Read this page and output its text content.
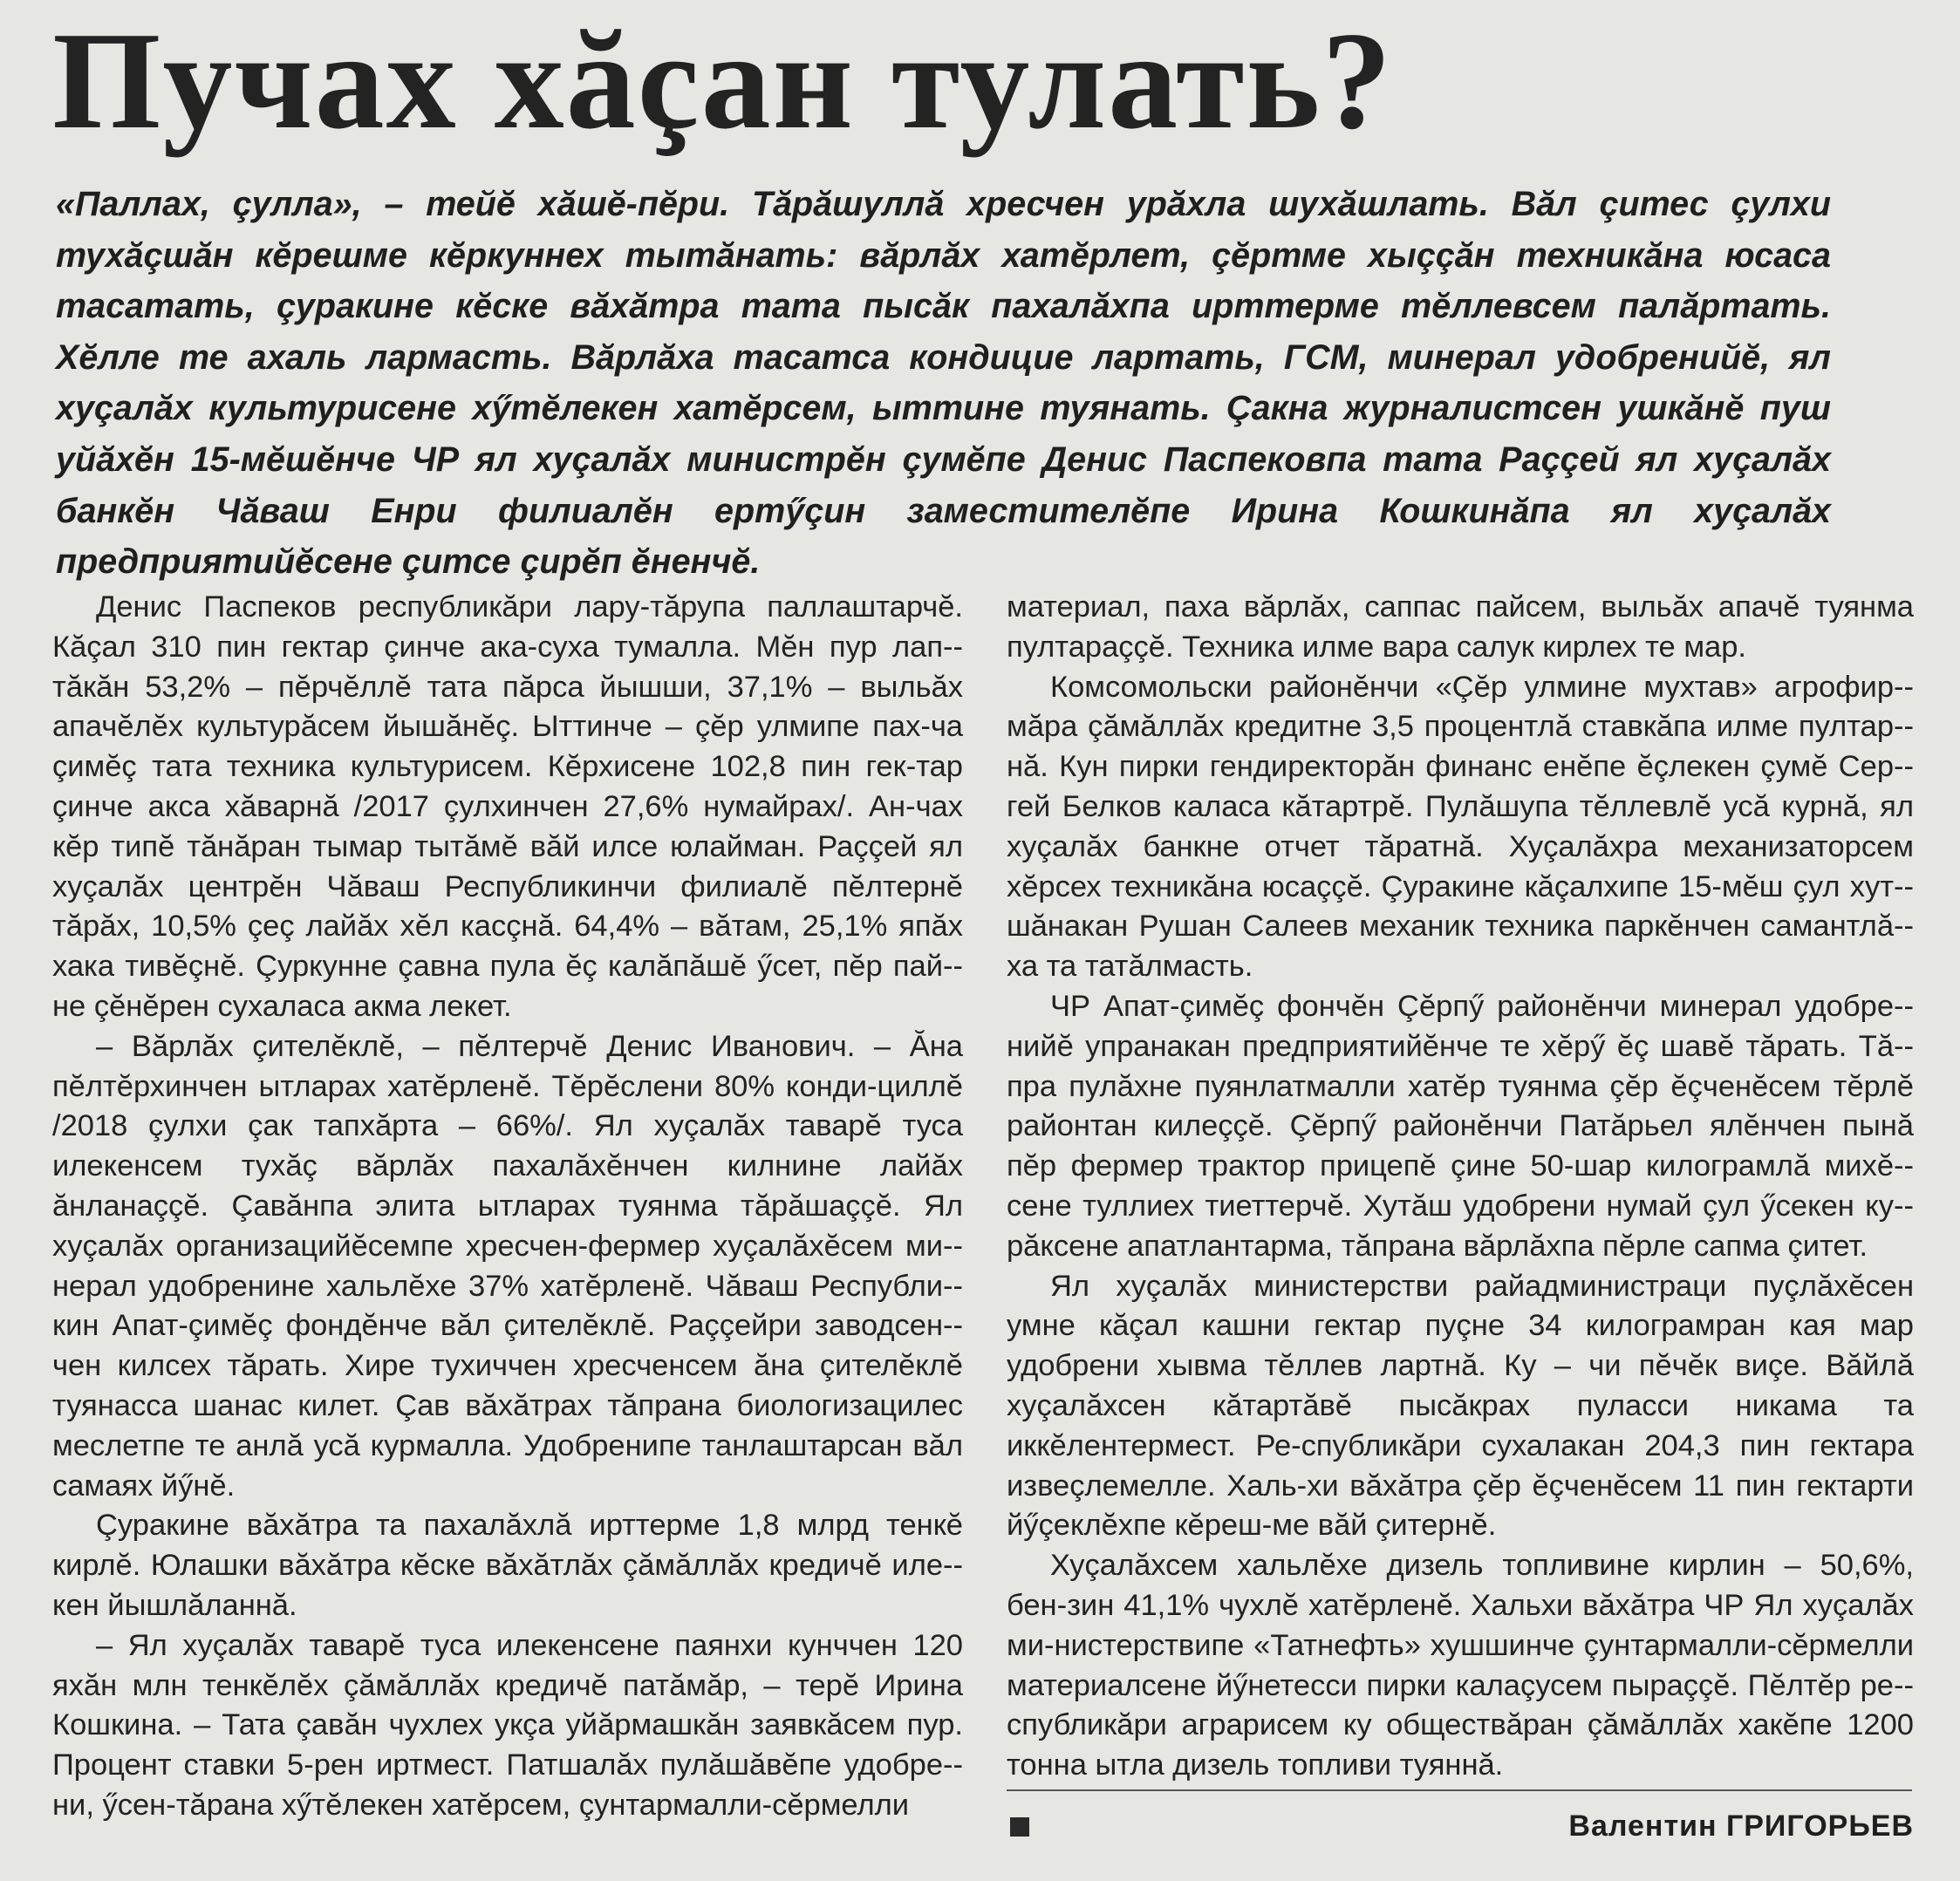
Пучах хăçан тулать?

«Паллах, çулла», – тейĕ хăшĕ-пĕри. Тăрăшуллă хресчен урăхла шухăшлать. Вăл çитес çулхи тухăçшăн кĕрешме кĕркуннех тытăнать: вăрлăх хатĕрлет, çĕртме хыççăн техникăна юсаса тасатать, çуракине кĕске вăхăтра тата пысăк пахалăхпа ирттерме тĕллевсем палăртать. Хĕлле те ахаль лармасть. Вăрлăха тасатса кондицие лартать, ГСМ, минерал удобренийĕ, ял хуçалăх культурисене хӳтĕлекен хатĕрсем, ыттине туянать. Çакна журналистсен ушкăнĕ пуш уйăхĕн 15-мĕшĕнче ЧР ял хуçалăх министрĕн çумĕпе Денис Паспековпа тата Раççей ял хуçалăх банкĕн Чăваш Енри филиалĕн ертӳçин заместителĕпе Ирина Кошкинăпа ял хуçалăх предприятийĕсене çитсе çирĕп ĕненчĕ.

Денис Паспеков республикăри лару-тăрупа паллаштарчĕ. Кăçал 310 пин гектар çинче ака-суха тумалла. Мĕн пур лап-тăкăн 53,2% – пĕрчĕллĕ тата пăрса йышши, 37,1% – выльăх апачĕлĕх культурăсем йышăнĕç. Ыттинче – çĕр улмипе пах-ча çимĕç тата техника культурисем. Кĕрхисене 102,8 пин гек-тар çинче акса хăварнă /2017 çулхинчен 27,6% нумайрах/. Ан-чах кĕр типĕ тăнăран тымар тытăмĕ вăй илсе юлайман. Раççей ял хуçалăх центрĕн Чăваш Республикинчи филиалĕ пĕлтернĕ тăрăх, 10,5% çеç лайăх хĕл касçнă. 64,4% – вăтам, 25,1% япăх хака тивĕçнĕ. Çуркунне çавна пула ĕç калăпăшĕ ӳсет, пĕр пай-не çĕнĕрен сухаласа акма лекет.

– Вăрлăх çителĕклĕ, – пĕлтерчĕ Денис Иванович. – Ăна пĕлтĕрхинчен ытларах хатĕрленĕ. Тĕрĕслени 80% конди-циллĕ /2018 çулхи çак тапхăрта – 66%/. Ял хуçалăх таварĕ туса илекенсем тухăç вăрлăх пахалăхĕнчен килнине лайăх ăнланаççĕ. Çавăнпа элита ытларах туянма тăрăшаççĕ. Ял хуçалăх организацийĕсемпе хресчен-фермер хуçалăхĕсем ми-нерал удобренине хальлĕхе 37% хатĕрленĕ. Чăваш Республи-кин Апат-çимĕç фондĕнче вăл çителĕклĕ. Раççейри заводсен-чен килсех тăрать. Хире тухиччен хресченсем ăна çителĕклĕ туянасса шанас килет. Çав вăхăтрах тăпрана биологизацилес меслетпе те анлă усă курмалла. Удобренипе танлаштарсан вăл самаях йӳнĕ.

Çуракине вăхăтра та пахалăхлă ирттерме 1,8 млрд тенкĕ кирлĕ. Юлашки вăхăтра кĕске вăхăтлăх çăмăллăх кредичĕ иле-кен йышлăланнă.

– Ял хуçалăх таварĕ туса илекенсене паянхи кунччен 120 яхăн млн тенкĕлĕх çăмăллăх кредичĕ патăмăр, – терĕ Ирина Кошкина. – Тата çавăн чухлех укçа уйăрмашкăн заявкăсем пур. Процент ставки 5-рен иртмест. Патшалăх пулăшăвĕпе удобре-ни, ӳсен-тăрана хӳтĕлекен хатĕрсем, çунтармалли-сĕрмелли

материал, паха вăрлăх, саппас пайсем, выльăх апачĕ туянма пултараççĕ. Техника илме вара салук кирлех те мар.

Комсомольски районĕнчи «Çĕр улмине мухтав» агрофир-мăра çăмăллăх кредитне 3,5 процентлă ставкăпа илме пултар-нă. Кун пирки гендиректорăн финанс енĕпе ĕçлекен çумĕ Сер-гей Белков каласа кăтартрĕ. Пулăшупа тĕллевлĕ усă курнă, ял хуçалăх банкне отчет тăратнă. Хуçалăхра механизаторсем хĕрсех техникăна юсаççĕ. Çуракине кăçалхипе 15-мĕш çул хут-шăнакан Рушан Салеев механик техника паркĕнчен самантлă-ха та татăлмасть.

ЧР Апат-çимĕç фончĕн Çĕрпӳ районĕнчи минерал удобре-нийĕ упранакан предприятийĕнче те хĕрӳ ĕç шавĕ тăрать. Тă-пра пулăхне пуянлатмалли хатĕр туянма çĕр ĕçченĕсем тĕрлĕ районтан килеççĕ. Çĕрпӳ районĕнчи Патăрьел ялĕнчен пынă пĕр фермер трактор прицепĕ çине 50-шар килограмлă михĕ-сене туллиех тиеттерчĕ. Хутăш удобрени нумай çул ӳсекен ку-рăксене апатлантарма, тăпрана вăрлăхпа пĕрле сапма çитет.

Ял хуçалăх министерстви райадминистраци пуçлăхĕсен умне кăçал кашни гектар пуçне 34 килограмран кая мар удобрени хывма тĕллев лартнă. Ку – чи пĕчĕк виçе. Вăйлă хуçалăхсен кăтартăвĕ пысăкрах пуласси никама та иккĕлентермест. Ре-спубликăри сухалакан 204,3 пин гектара извеçлемелле. Халь-хи вăхăтра çĕр ĕçченĕсем 11 пин гектарти йӳçеклĕхпе кĕреш-ме вăй çитернĕ.

Хуçалăхсем хальлĕхе дизель топливине кирлин – 50,6%, бен-зин 41,1% чухлĕ хатĕрленĕ. Хальхи вăхăтра ЧР Ял хуçалăх ми-нистерствипе «Татнефть» хушшинче çунтармалли-сĕрмелли материалсене йӳнетесси пирки калаçусем пыраççĕ. Пĕлтĕр ре-спубликăри аграрисем ку обществăран çăмăллăх хакĕпе 1200 тонна ытла дизель топливи туяннă.

Валентин ГРИГОРЬЕВ
